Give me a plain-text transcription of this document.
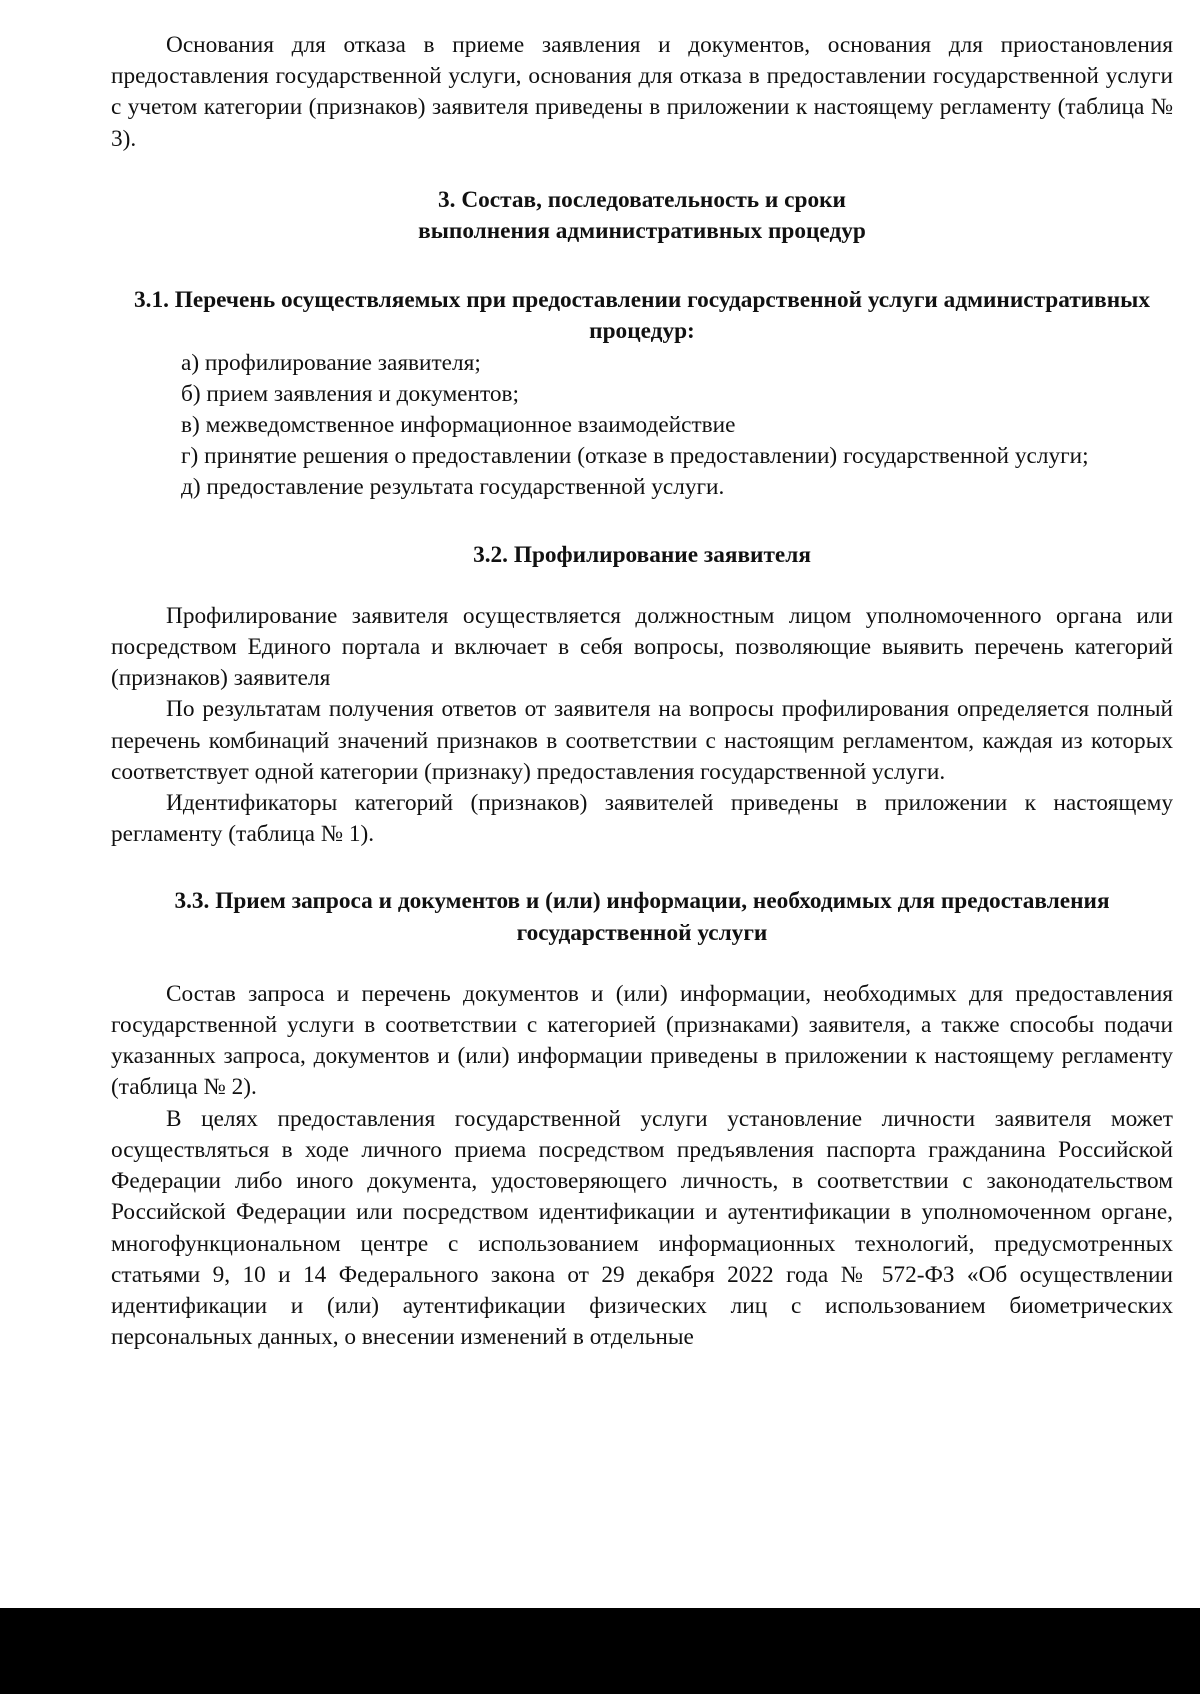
Основания для отказа в приеме заявления и документов, основания для приостановления предоставления государственной услуги, основания для отказа в предоставлении государственной услуги с учетом категории (признаков) заявителя приведены в приложении к настоящему регламенту (таблица № 3).

3. Состав, последовательность и сроки
выполнения административных процедур
3.1. Перечень осуществляемых при предоставлении государственной услуги административных процедур:

а) профилирование заявителя;

б) прием заявления и документов;

в) межведомственное информационное взаимодействие

г) принятие решения о предоставлении (отказе в предоставлении) государственной услуги;

д) предоставление результата государственной услуги.

3.2. Профилирование заявителя

Профилирование заявителя осуществляется должностным лицом уполномоченного органа или посредством Единого портала и включает в себя вопросы, позволяющие выявить перечень категорий (признаков) заявителя

По результатам получения ответов от заявителя на вопросы профилирования определяется полный перечень комбинаций значений признаков в соответствии с настоящим регламентом, каждая из которых соответствует одной категории (признаку) предоставления государственной услуги.

Идентификаторы категорий (признаков) заявителей приведены в приложении к настоящему регламенту (таблица № 1).

3.3. Прием запроса и документов и (или) информации, необходимых для предоставления государственной услуги

Состав запроса и перечень документов и (или) информации, необходимых для предоставления государственной услуги в соответствии с категорией (признаками) заявителя, а также способы подачи указанных запроса, документов и (или) информации приведены в приложении к настоящему регламенту (таблица № 2).

В целях предоставления государственной услуги установление личности заявителя может осуществляться в ходе личного приема посредством предъявления паспорта гражданина Российской Федерации либо иного документа, удостоверяющего личность, в соответствии с законодательством Российской Федерации или посредством идентификации и аутентификации в уполномоченном органе, многофункциональном центре с использованием информационных технологий, предусмотренных статьями 9, 10 и 14 Федерального закона от 29 декабря 2022 года № 572-ФЗ «Об осуществлении идентификации и (или) аутентификации физических лиц с использованием биометрических персональных данных, о внесении изменений в отдельные
